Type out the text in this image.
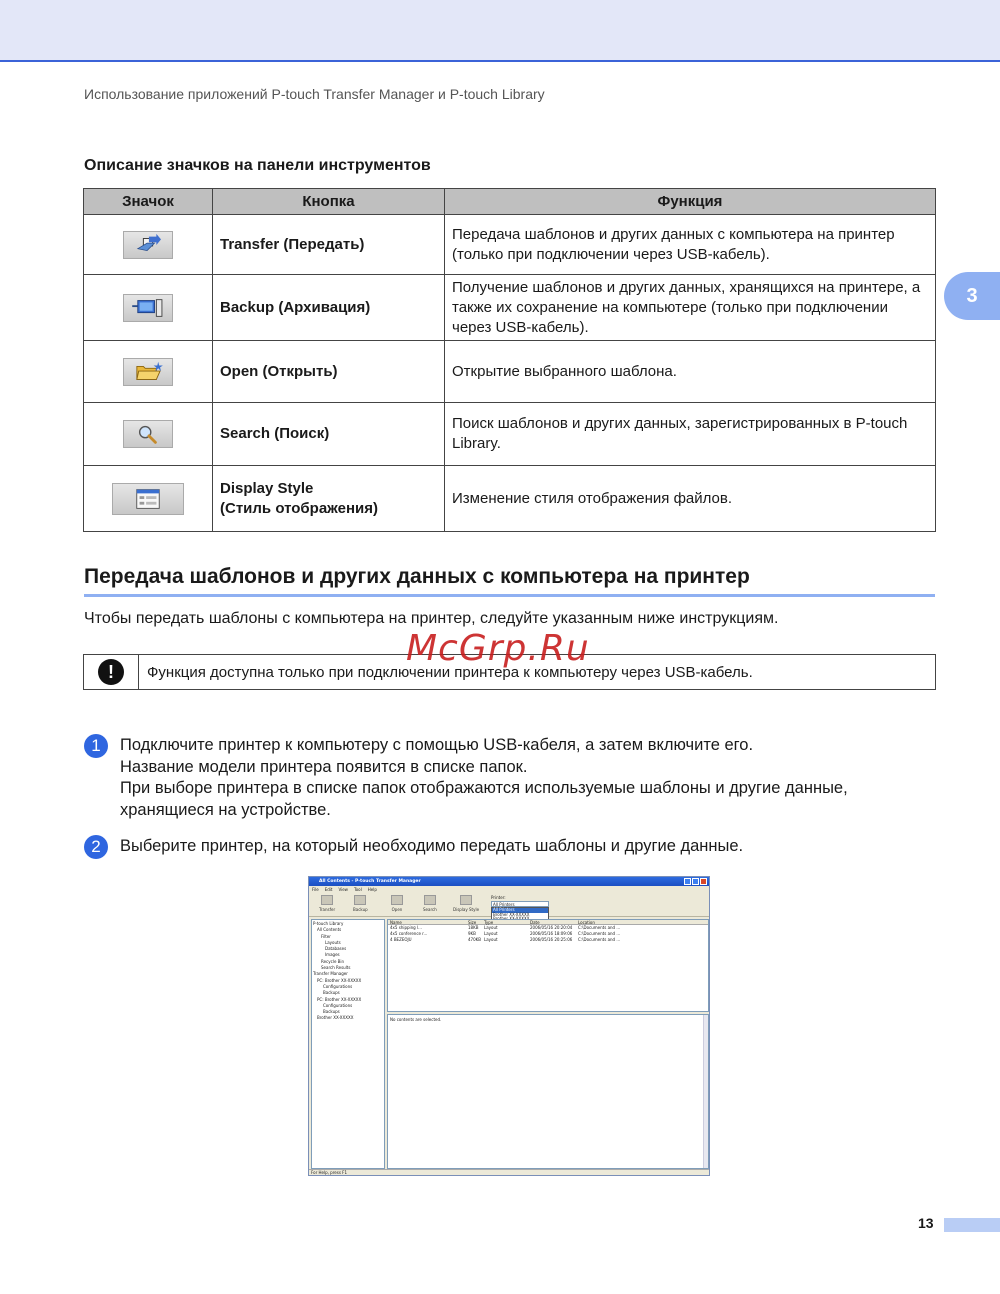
Использование приложений P-touch Transfer Manager и P-touch Library
3
Описание значков на панели инструментов
Значок	Кнопка	Функция

	Transfer (Передать)	Передача шаблонов и других данных с компьютера на принтер (только при подключении через USB-кабель).

	Backup (Архивация)	Получение шаблонов и других данных, хранящихся на принтере, а также их сохранение на компьютере (только при подключении через USB-кабель).

	Open (Открыть)	Открытие выбранного шаблона.

	Search (Поиск)	Поиск шаблонов и других данных, зарегистрированных в P-touch Library.

Display Style
(Стиль отображения)	Изменение стиля отображения файлов.
Передача шаблонов и других данных с компьютера на принтер
Чтобы передать шаблоны с компьютера на принтер, следуйте указанным ниже инструкциям.
!	Функция доступна только при подключении принтера к компьютеру через USB-кабель.
McGrp.Ru
1	Подключите принтер к компьютеру с помощью USB-кабеля, а затем включите его.
Название модели принтера появится в списке папок.
При выборе принтера в списке папок отображаются используемые шаблоны и другие данные,
хранящиеся на устройстве.
2	Выберите принтер, на который необходимо передать шаблоны и другие данные.
All Contents - P-touch Transfer Manager
File Edit View Tool Help
Transfer	Backup	Open	Search	Display Style
Printer:
All Printers
All Printers
Brother XX-XXXXX
P-touch Library
All Contents
Filter
Layouts
Databases
Images
Recycle Bin
Search Results
Transfer Manager
PC: Brother XX-XXXXX
Configurations
Backups
PC: Brother XX-XXXXX
Configurations
Backups
Brother XX-XXXXX
Name	Size	Type	Date	Location
4x5 shipping l...	18KB	Layout	2006/05/16 20:20:04	C:\Documents and ...
4x5 conference r...	9KB	Layout	2006/05/16 18:09:06	C:\Documents and ...
4 BEZEOJU	470KB Layout	2006/05/16 20:25:06	C:\Documents and ...
No contents are selected.
For Help, press F1
13
